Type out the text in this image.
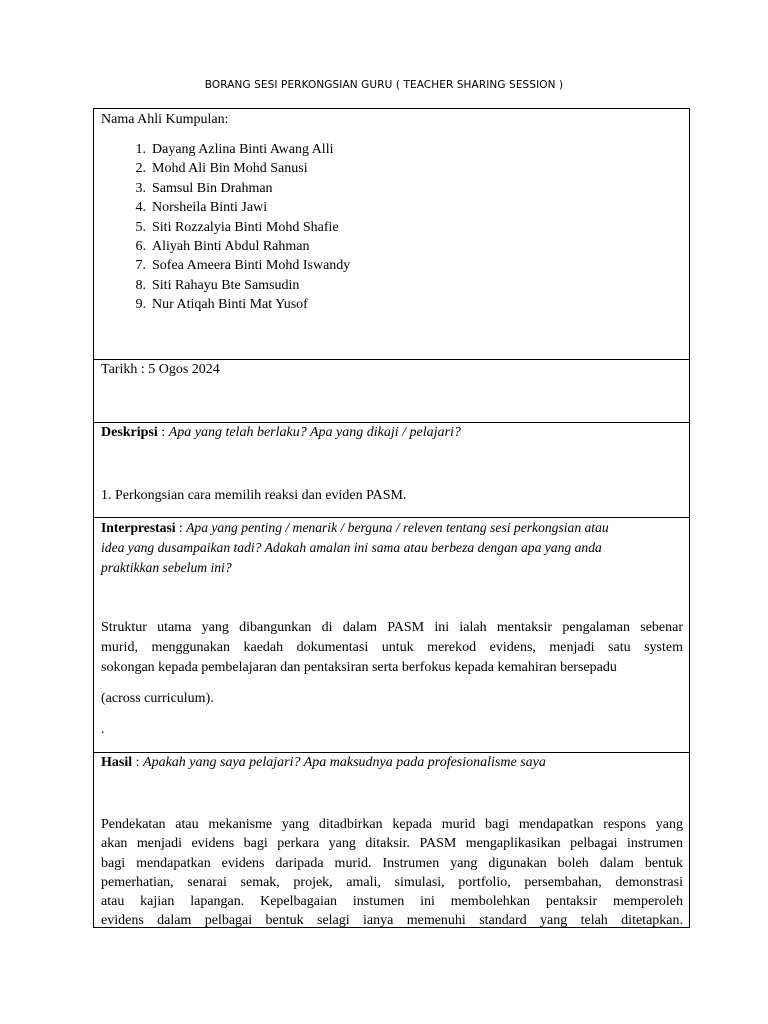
BORANG SESI PERKONGSIAN GURU ( TEACHER SHARING SESSION )
Nama Ahli Kumpulan:
1. Dayang Azlina Binti Awang Alli
2. Mohd Ali Bin Mohd Sanusi
3. Samsul Bin Drahman
4. Norsheila Binti Jawi
5. Siti Rozzalyia Binti Mohd Shafie
6. Aliyah Binti Abdul Rahman
7. Sofea Ameera Binti Mohd Iswandy
8. Siti Rahayu Bte Samsudin
9. Nur Atiqah Binti Mat Yusof
Tarikh : 5 Ogos 2024
Deskripsi : Apa yang telah berlaku? Apa yang dikaji / pelajari?
1. Perkongsian cara memilih reaksi dan eviden PASM.
Interprestasi : Apa yang penting / menarik / berguna / releven tentang sesi perkongsian atau
idea yang dusampaikan tadi? Adakah amalan ini sama atau berbeza dengan apa yang anda
praktikkan sebelum ini?
Struktur utama yang dibangunkan di dalam PASM ini ialah mentaksir pengalaman sebenar
murid, menggunakan kaedah dokumentasi untuk merekod evidens, menjadi satu system
sokongan kepada pembelajaran dan pentaksiran serta berfokus kepada kemahiran bersepadu
(across curriculum).
.
Hasil : Apakah yang saya pelajari? Apa maksudnya pada profesionalisme saya
Pendekatan atau mekanisme yang ditadbirkan kepada murid bagi mendapatkan respons yang
akan menjadi evidens bagi perkara yang ditaksir. PASM mengaplikasikan pelbagai instrumen
bagi mendapatkan evidens daripada murid. Instrumen yang digunakan boleh dalam bentuk
pemerhatian, senarai semak, projek, amali, simulasi, portfolio, persembahan, demonstrasi
atau kajian lapangan. Kepelbagaian instumen ini membolehkan pentaksir memperoleh
evidens dalam pelbagai bentuk selagi ianya memenuhi standard yang telah ditetapkan.
